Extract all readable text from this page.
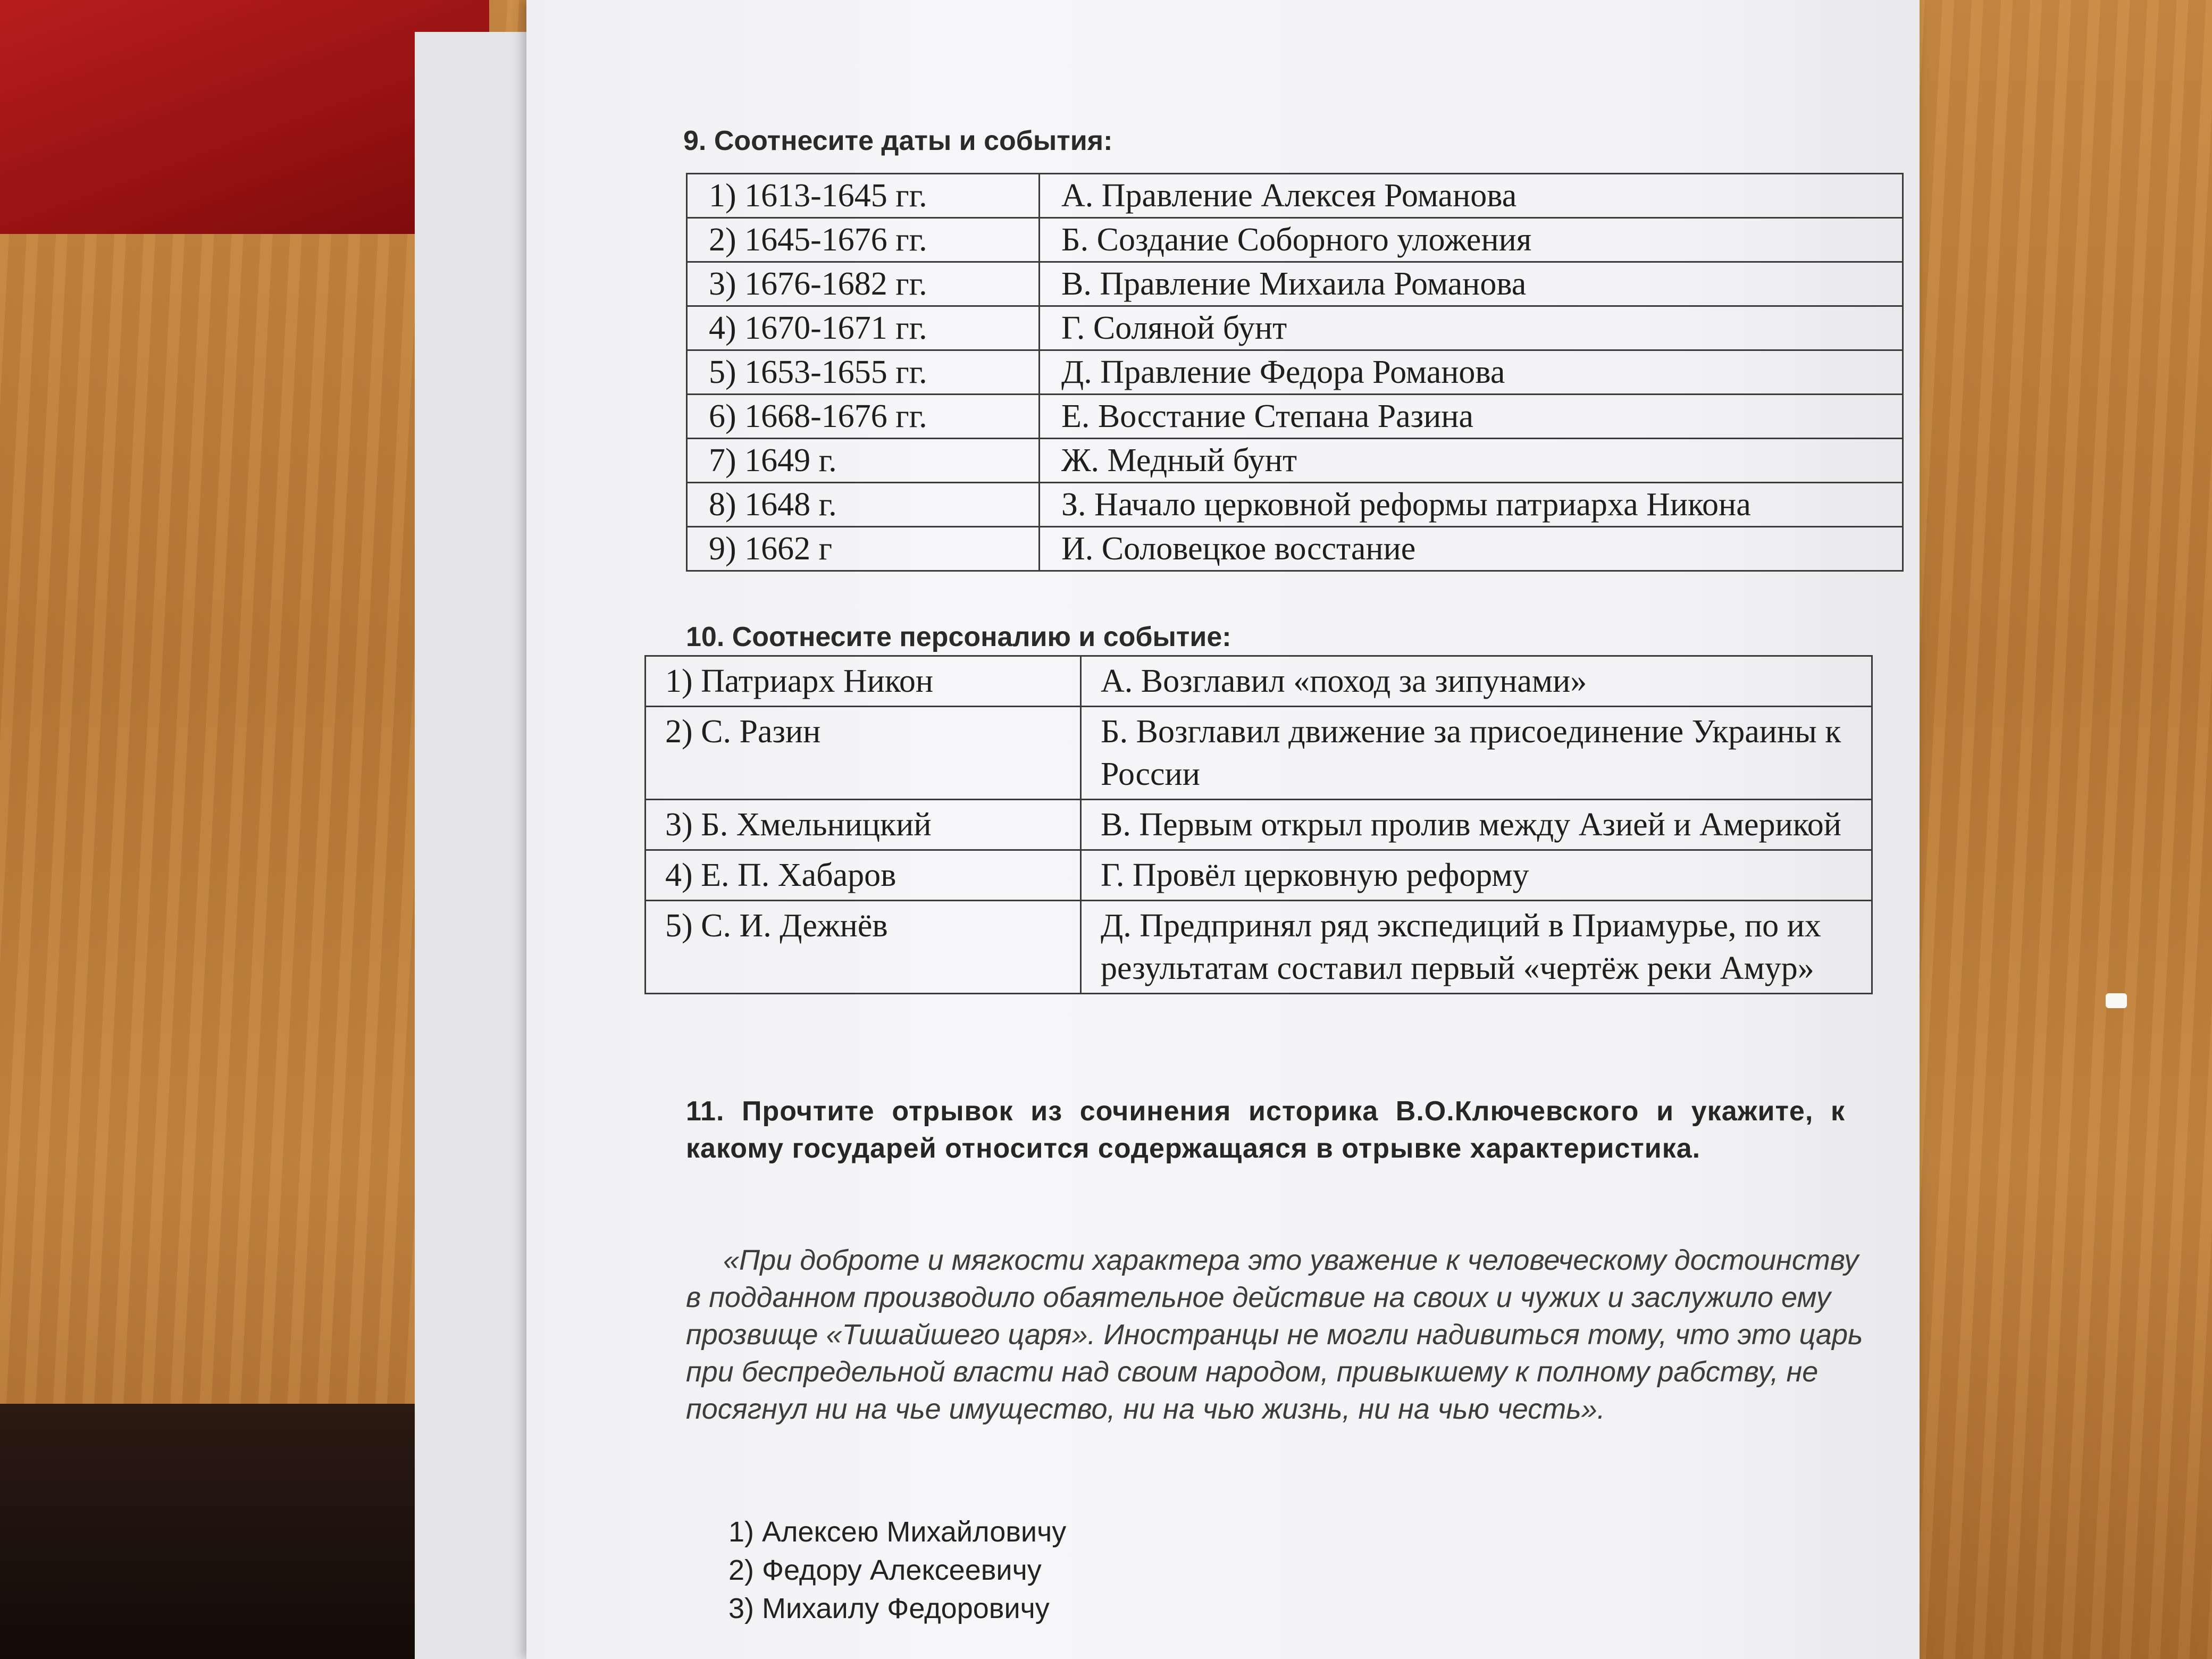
9. Соотнесите даты и события:
1) 1613-1645 гг.	А. Правление Алексея Романова
2) 1645-1676 гг.	Б. Создание Соборного уложения
3) 1676-1682 гг.	В. Правление Михаила Романова
4) 1670-1671 гг.	Г. Соляной бунт
5) 1653-1655 гг.	Д. Правление Федора Романова
6) 1668-1676 гг.	Е. Восстание Степана Разина
7) 1649 г.	Ж. Медный бунт
8) 1648 г.	З. Начало церковной реформы патриарха Никона
9) 1662 г	И. Соловецкое восстание
10. Соотнесите персоналию и событие:
1) Патриарх Никон	А. Возглавил «поход за зипунами»
2) С. Разин	Б. Возглавил движение за присоединение Украины к России
3) Б. Хмельницкий	В. Первым открыл пролив между Азией и Америкой
4) Е. П. Хабаров	Г. Провёл церковную реформу
5) С. И. Дежнёв	Д. Предпринял ряд экспедиций в Приамурье, по их результатам составил первый «чертёж реки Амур»

11. Прочтите отрывок из сочинения историка В.О.Ключевского и укажите, к какому государей относится содержащаяся в отрывке характеристика.

«При доброте и мягкости характера это уважение к человеческому достоинству в подданном производило обаятельное действие на своих и чужих и заслужило ему прозвище «Тишайшего царя». Иностранцы не могли надивиться тому, что это царь при беспредельной власти над своим народом, привыкшему к полному рабству, не посягнул ни на чье имущество, ни на чью жизнь, ни на чью честь».

1) Алексею Михайловичу
2) Федору Алексеевичу
3) Михаилу Федоровичу
